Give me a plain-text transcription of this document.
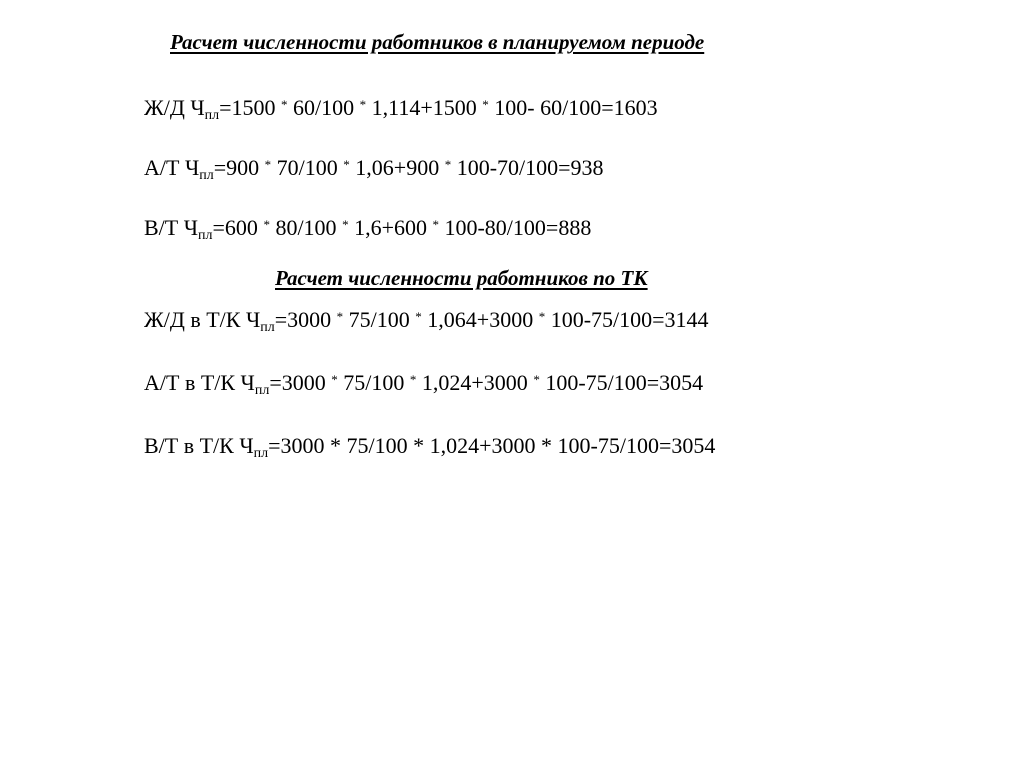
Расчет численности работников в планируемом периоде
Ж/Д $Ч_{пл}=1500$ * 60/100 * 1,114+1500 * 100- 60/100=1603
А/Т $Ч_{пл}=900$ * 70/100 * 1,06+900 * 100-70/100=938
В/Т $Ч_{пл}=600$ * 80/100 * 1,6+600 * 100-80/100=888
Расчет численности работников по ТК
Ж/Д в Т/К $Ч_{пл}=3000$ * 75/100 * 1,064+3000 * 100-75/100=3144
А/Т в Т/К $Ч_{пл}=3000$ * 75/100 * 1,024+3000 * 100-75/100=3054
В/Т в Т/К $Ч_{пл}=3000 * 75/100 * 1,024+3000 * 100-75/100=3054$
